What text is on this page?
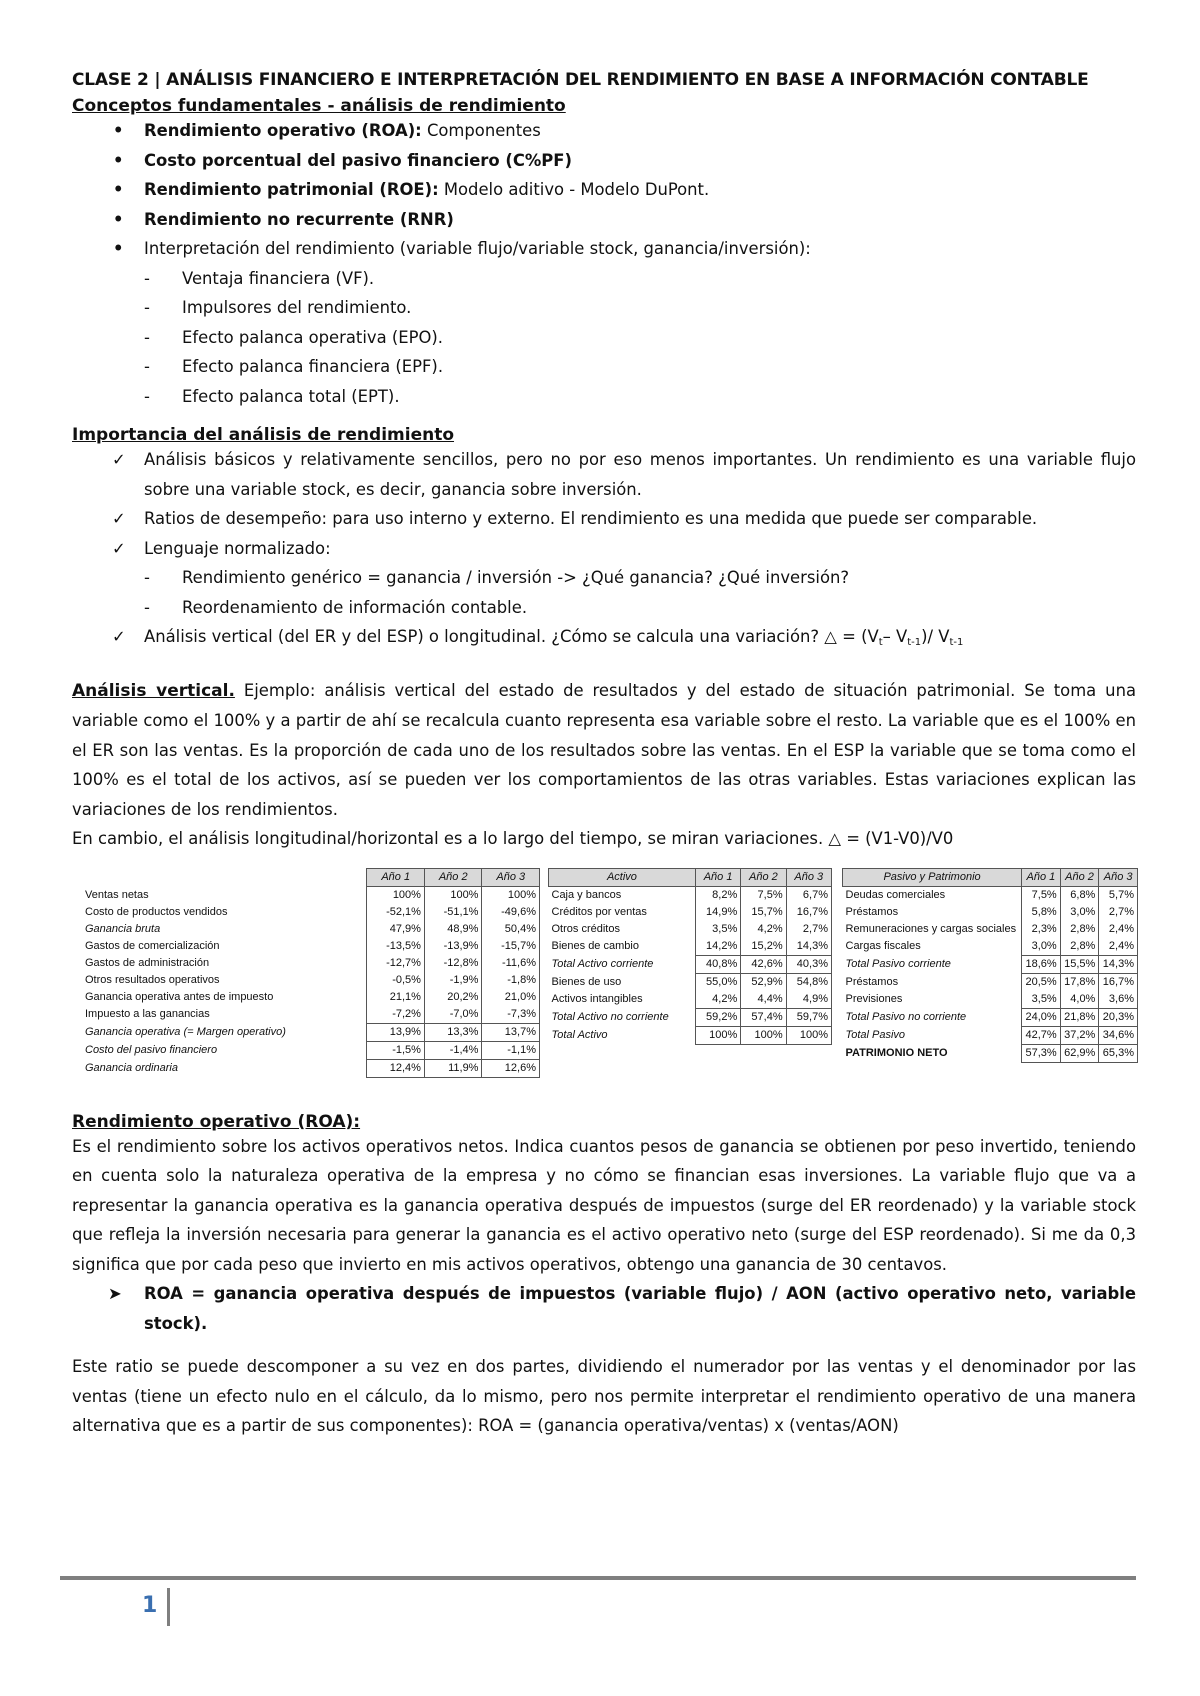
CLASE 2 | ANÁLISIS FINANCIERO E INTERPRETACIÓN DEL RENDIMIENTO EN BASE A INFORMACIÓN CONTABLE
Conceptos fundamentales - análisis de rendimiento
• Rendimiento operativo (ROA): Componentes
• Costo porcentual del pasivo financiero (C%PF)
• Rendimiento patrimonial (ROE): Modelo aditivo - Modelo DuPont.
• Rendimiento no recurrente (RNR)
• Interpretación del rendimiento (variable flujo/variable stock, ganancia/inversión):
- Ventaja financiera (VF).
- Impulsores del rendimiento.
- Efecto palanca operativa (EPO).
- Efecto palanca financiera (EPF).
- Efecto palanca total (EPT).
Importancia del análisis de rendimiento
✓ Análisis básicos y relativamente sencillos, pero no por eso menos importantes. Un rendimiento es una variable flujo sobre una variable stock, es decir, ganancia sobre inversión.
✓ Ratios de desempeño: para uso interno y externo. El rendimiento es una medida que puede ser comparable.
✓ Lenguaje normalizado:
- Rendimiento genérico = ganancia / inversión -> ¿Qué ganancia? ¿Qué inversión?
- Reordenamiento de información contable.
✓ Análisis vertical (del ER y del ESP) o longitudinal. ¿Cómo se calcula una variación? △ = ($V_t-$ $V_{t-1})/$ $V_{t-1}$

Análisis vertical. Ejemplo: análisis vertical del estado de resultados y del estado de situación patrimonial. Se toma una variable como el 100% y a partir de ahí se recalcula cuanto representa esa variable sobre el resto. La variable que es el 100% en el ER son las ventas. Es la proporción de cada uno de los resultados sobre las ventas. En el ESP la variable que se toma como el 100% es el total de los activos, así se pueden ver los comportamientos de las otras variables. Estas variaciones explican las variaciones de los rendimientos.

En cambio, el análisis longitudinal/horizontal es a lo largo del tiempo, se miran variaciones. △ = (V1-V0)/V0

	Año 1	Año 2	Año 3
Ventas netas	100%	100%	100%
Costo de productos vendidos	-52,1%	-51,1%	-49,6%
Ganancia bruta	47,9%	48,9%	50,4%
Gastos de comercialización	-13,5%	-13,9%	-15,7%
Gastos de administración	-12,7%	-12,8%	-11,6%
Otros resultados operativos	-0,5%	-1,9%	-1,8%
Ganancia operativa antes de impuesto	21,1%	20,2%	21,0%
Impuesto a las ganancias	-7,2%	-7,0%	-7,3%
Ganancia operativa (= Margen operativo)	13,9%	13,3%	13,7%
Costo del pasivo financiero	-1,5%	-1,4%	-1,1%
Ganancia ordinaria	12,4%	11,9%	12,6%
Activo	Año 1	Año 2	Año 3
Caja y bancos	8,2%	7,5%	6,7%
Créditos por ventas	14,9%	15,7%	16,7%
Otros créditos	3,5%	4,2%	2,7%
Bienes de cambio	14,2%	15,2%	14,3%
Total Activo corriente	40,8%	42,6%	40,3%
Bienes de uso	55,0%	52,9%	54,8%
Activos intangibles	4,2%	4,4%	4,9%
Total Activo no corriente	59,2%	57,4%	59,7%
Total Activo	100%	100%	100%
Pasivo y Patrimonio	Año 1	Año 2	Año 3
Deudas comerciales	7,5%	6,8%	5,7%
Préstamos	5,8%	3,0%	2,7%
Remuneraciones y cargas sociales	2,3%	2,8%	2,4%
Cargas fiscales	3,0%	2,8%	2,4%
Total Pasivo corriente	18,6%	15,5%	14,3%
Préstamos	20,5%	17,8%	16,7%
Previsiones	3,5%	4,0%	3,6%
Total Pasivo no corriente	24,0%	21,8%	20,3%
Total Pasivo	42,7%	37,2%	34,6%
PATRIMONIO NETO	57,3%	62,9%	65,3%
Rendimiento operativo (ROA):

Es el rendimiento sobre los activos operativos netos. Indica cuantos pesos de ganancia se obtienen por peso invertido, teniendo en cuenta solo la naturaleza operativa de la empresa y no cómo se financian esas inversiones. La variable flujo que va a representar la ganancia operativa es la ganancia operativa después de impuestos (surge del ER reordenado) y la variable stock que refleja la inversión necesaria para generar la ganancia es el activo operativo neto (surge del ESP reordenado). Si me da 0,3 significa que por cada peso que invierto en mis activos operativos, obtengo una ganancia de 30 centavos.

➤ ROA = ganancia operativa después de impuestos (variable flujo) / AON (activo operativo neto, variable stock).

Este ratio se puede descomponer a su vez en dos partes, dividiendo el numerador por las ventas y el denominador por las ventas (tiene un efecto nulo en el cálculo, da lo mismo, pero nos permite interpretar el rendimiento operativo de una manera alternativa que es a partir de sus componentes): ROA = (ganancia operativa/ventas) x (ventas/AON)

1
